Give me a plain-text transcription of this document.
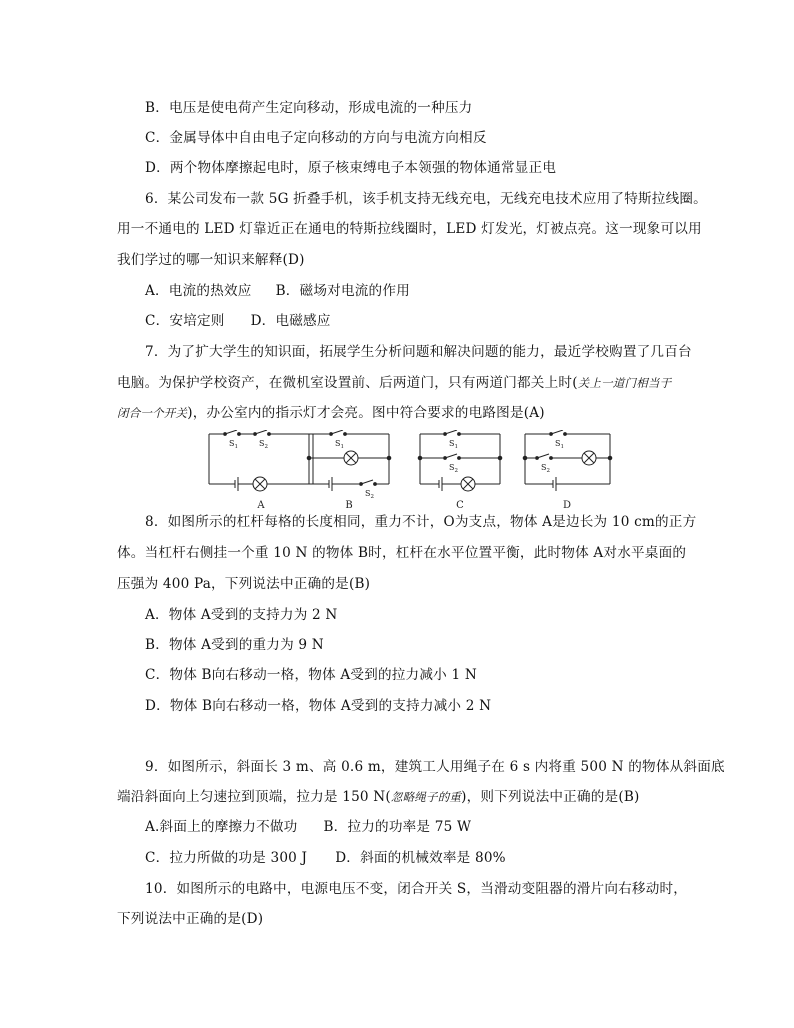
B．电压是使电荷产生定向移动，形成电流的一种压力
C．金属导体中自由电子定向移动的方向与电流方向相反
D．两个物体摩擦起电时，原子核束缚电子本领强的物体通常显正电
6．某公司发布一款 5G 折叠手机，该手机支持无线充电，无线充电技术应用了特斯拉线圈。
用一不通电的 LED 灯靠近正在通电的特斯拉线圈时，LED 灯发光，灯被点亮。这一现象可以用
我们学过的哪一知识来解释(D)
A．电流的热效应 B．磁场对电流的作用
C．安培定则 D．电磁感应
7．为了扩大学生的知识面，拓展学生分析问题和解决问题的能力，最近学校购置了几百台
电脑。为保护学校资产，在微机室设置前、后两道门，只有两道门都关上时(关上一道门相当于
闭合一个开关)，办公室内的指示灯才会亮。图中符合要求的电路图是(A)
$S_1$	$S_2$	$S_1$
$S_2$
$S_1$
$S_2$
$S_1$
$S_2$
A	B	C	D
8．如图所示的杠杆每格的长度相同，重力不计，O为支点，物体 A是边长为 10 cm的正方
体。当杠杆右侧挂一个重 10 N 的物体 B时，杠杆在水平位置平衡，此时物体 A对水平桌面的
压强为 400 Pa，下列说法中正确的是(B)
A．物体 A受到的支持力为 2 N
B．物体 A受到的重力为 9 N
C．物体 B向右移动一格，物体 A受到的拉力减小 1 N
D．物体 B向右移动一格，物体 A受到的支持力减小 2 N
9．如图所示，斜面长 3 m、高 0.6 m，建筑工人用绳子在 6 s 内将重 500 N 的物体从斜面底
端沿斜面向上匀速拉到顶端，拉力是 150 N(忽略绳子的重)，则下列说法中正确的是(B)
A.斜面上的摩擦力不做功 B．拉力的功率是 75 W
C．拉力所做的功是 300 J D．斜面的机械效率是 80%
10．如图所示的电路中，电源电压不变，闭合开关 S，当滑动变阻器的滑片向右移动时，
下列说法中正确的是(D)
